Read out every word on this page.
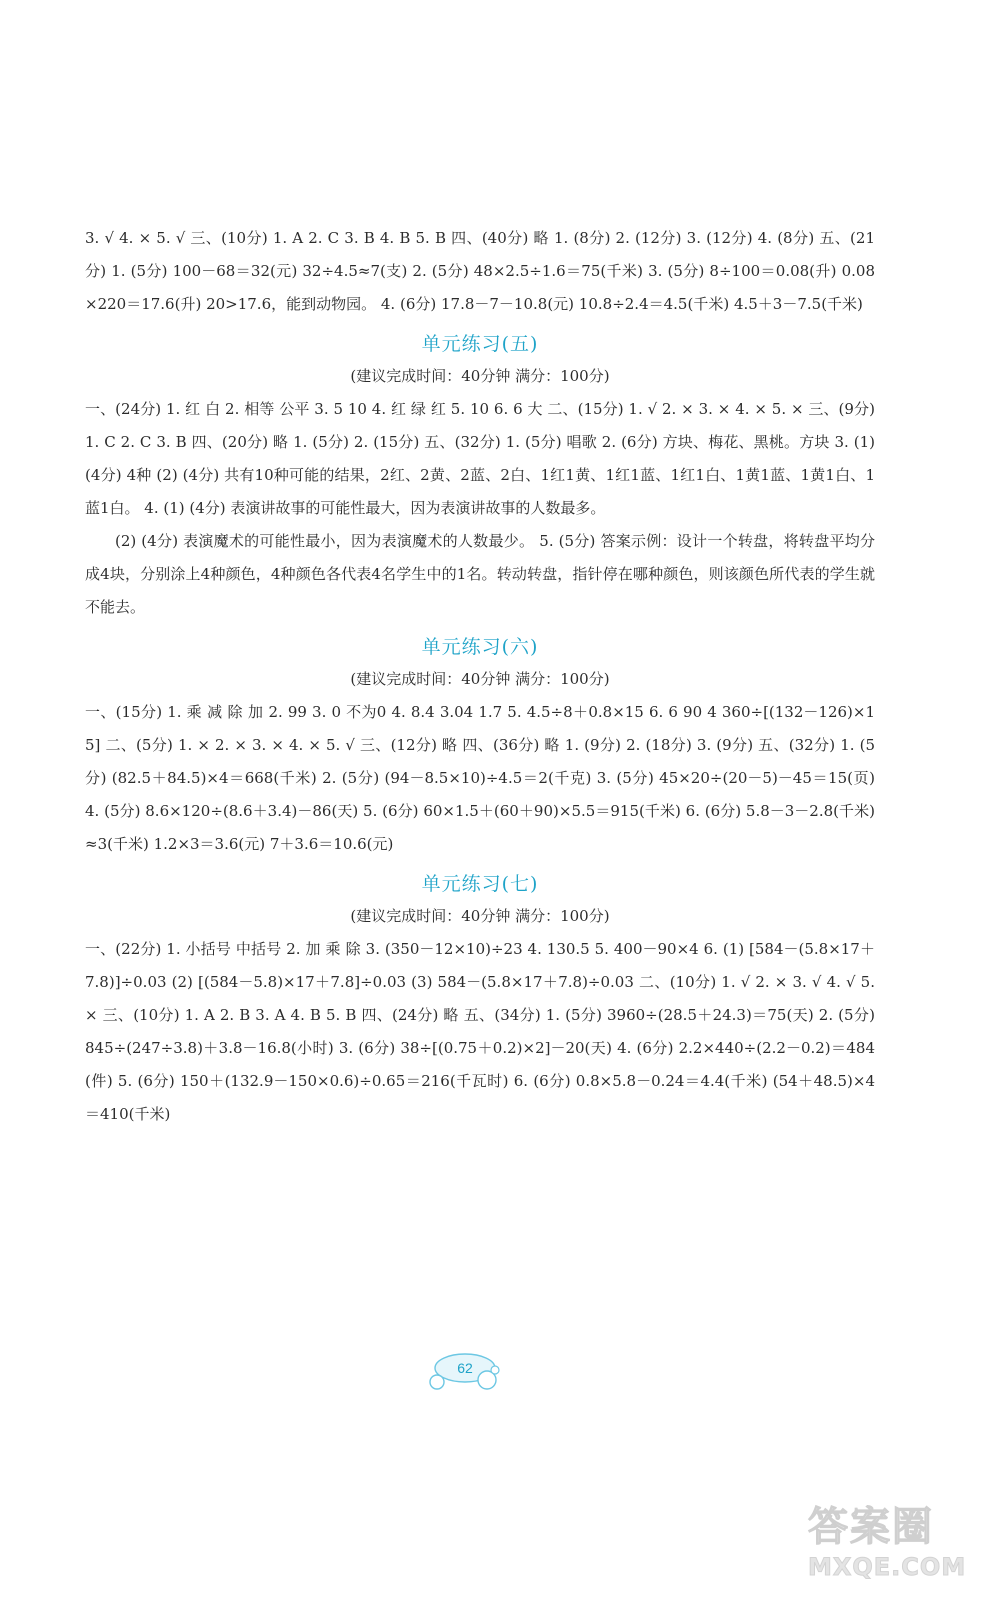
3. √ 4. × 5. √ 三、(10分) 1. A 2. C 3. B 4. B 5. B 四、(40分) 略 1. (8分) 2. (12分) 3. (12分) 4. (8分) 五、(21分) 1. (5分) 100－68＝32(元) 32÷4.5≈7(支) 2. (5分) 48×2.5÷1.6＝75(千米) 3. (5分) 8÷100＝0.08(升) 0.08×220＝17.6(升) 20>17.6，能到动物园。 4. (6分) 17.8－7－10.8(元) 10.8÷2.4＝4.5(千米) 4.5＋3－7.5(千米)

单元练习(五)
(建议完成时间：40分钟 满分：100分)

一、(24分) 1. 红 白 2. 相等 公平 3. 5 10 4. 红 绿 红 5. 10 6. 6 大 二、(15分) 1. √ 2. × 3. × 4. × 5. × 三、(9分) 1. C 2. C 3. B 四、(20分) 略 1. (5分) 2. (15分) 五、(32分) 1. (5分) 唱歌 2. (6分) 方块、梅花、黑桃。方块 3. (1) (4分) 4种 (2) (4分) 共有10种可能的结果，2红、2黄、2蓝、2白、1红1黄、1红1蓝、1红1白、1黄1蓝、1黄1白、1蓝1白。 4. (1) (4分) 表演讲故事的可能性最大，因为表演讲故事的人数最多。

(2) (4分) 表演魔术的可能性最小，因为表演魔术的人数最少。 5. (5分) 答案示例：设计一个转盘，将转盘平均分成4块，分别涂上4种颜色，4种颜色各代表4名学生中的1名。转动转盘，指针停在哪种颜色，则该颜色所代表的学生就不能去。

单元练习(六)
(建议完成时间：40分钟 满分：100分)

一、(15分) 1. 乘 减 除 加 2. 99 3. 0 不为0 4. 8.4 3.04 1.7 5. 4.5÷8＋0.8×15 6. 6 90 4 360÷[(132－126)×15] 二、(5分) 1. × 2. × 3. × 4. × 5. √ 三、(12分) 略 四、(36分) 略 1. (9分) 2. (18分) 3. (9分) 五、(32分) 1. (5分) (82.5＋84.5)×4＝668(千米) 2. (5分) (94－8.5×10)÷4.5＝2(千克) 3. (5分) 45×20÷(20－5)－45＝15(页) 4. (5分) 8.6×120÷(8.6＋3.4)－86(天) 5. (6分) 60×1.5＋(60＋90)×5.5＝915(千米) 6. (6分) 5.8－3－2.8(千米)≈3(千米) 1.2×3＝3.6(元) 7＋3.6＝10.6(元)

单元练习(七)
(建议完成时间：40分钟 满分：100分)

一、(22分) 1. 小括号 中括号 2. 加 乘 除 3. (350－12×10)÷23 4. 130.5 5. 400－90×4 6. (1) [584－(5.8×17＋7.8)]÷0.03 (2) [(584－5.8)×17＋7.8]÷0.03 (3) 584－(5.8×17＋7.8)÷0.03 二、(10分) 1. √ 2. × 3. √ 4. √ 5. × 三、(10分) 1. A 2. B 3. A 4. B 5. B 四、(24分) 略 五、(34分) 1. (5分) 3960÷(28.5＋24.3)＝75(天) 2. (5分) 845÷(247÷3.8)＋3.8－16.8(小时) 3. (6分) 38÷[(0.75＋0.2)×2]－20(天) 4. (6分) 2.2×440÷(2.2－0.2)＝484(件) 5. (6分) 150＋(132.9－150×0.6)÷0.65＝216(千瓦时) 6. (6分) 0.8×5.8－0.24＝4.4(千米) (54＋48.5)×4＝410(千米)

62
答案圈
MXQE.COM
